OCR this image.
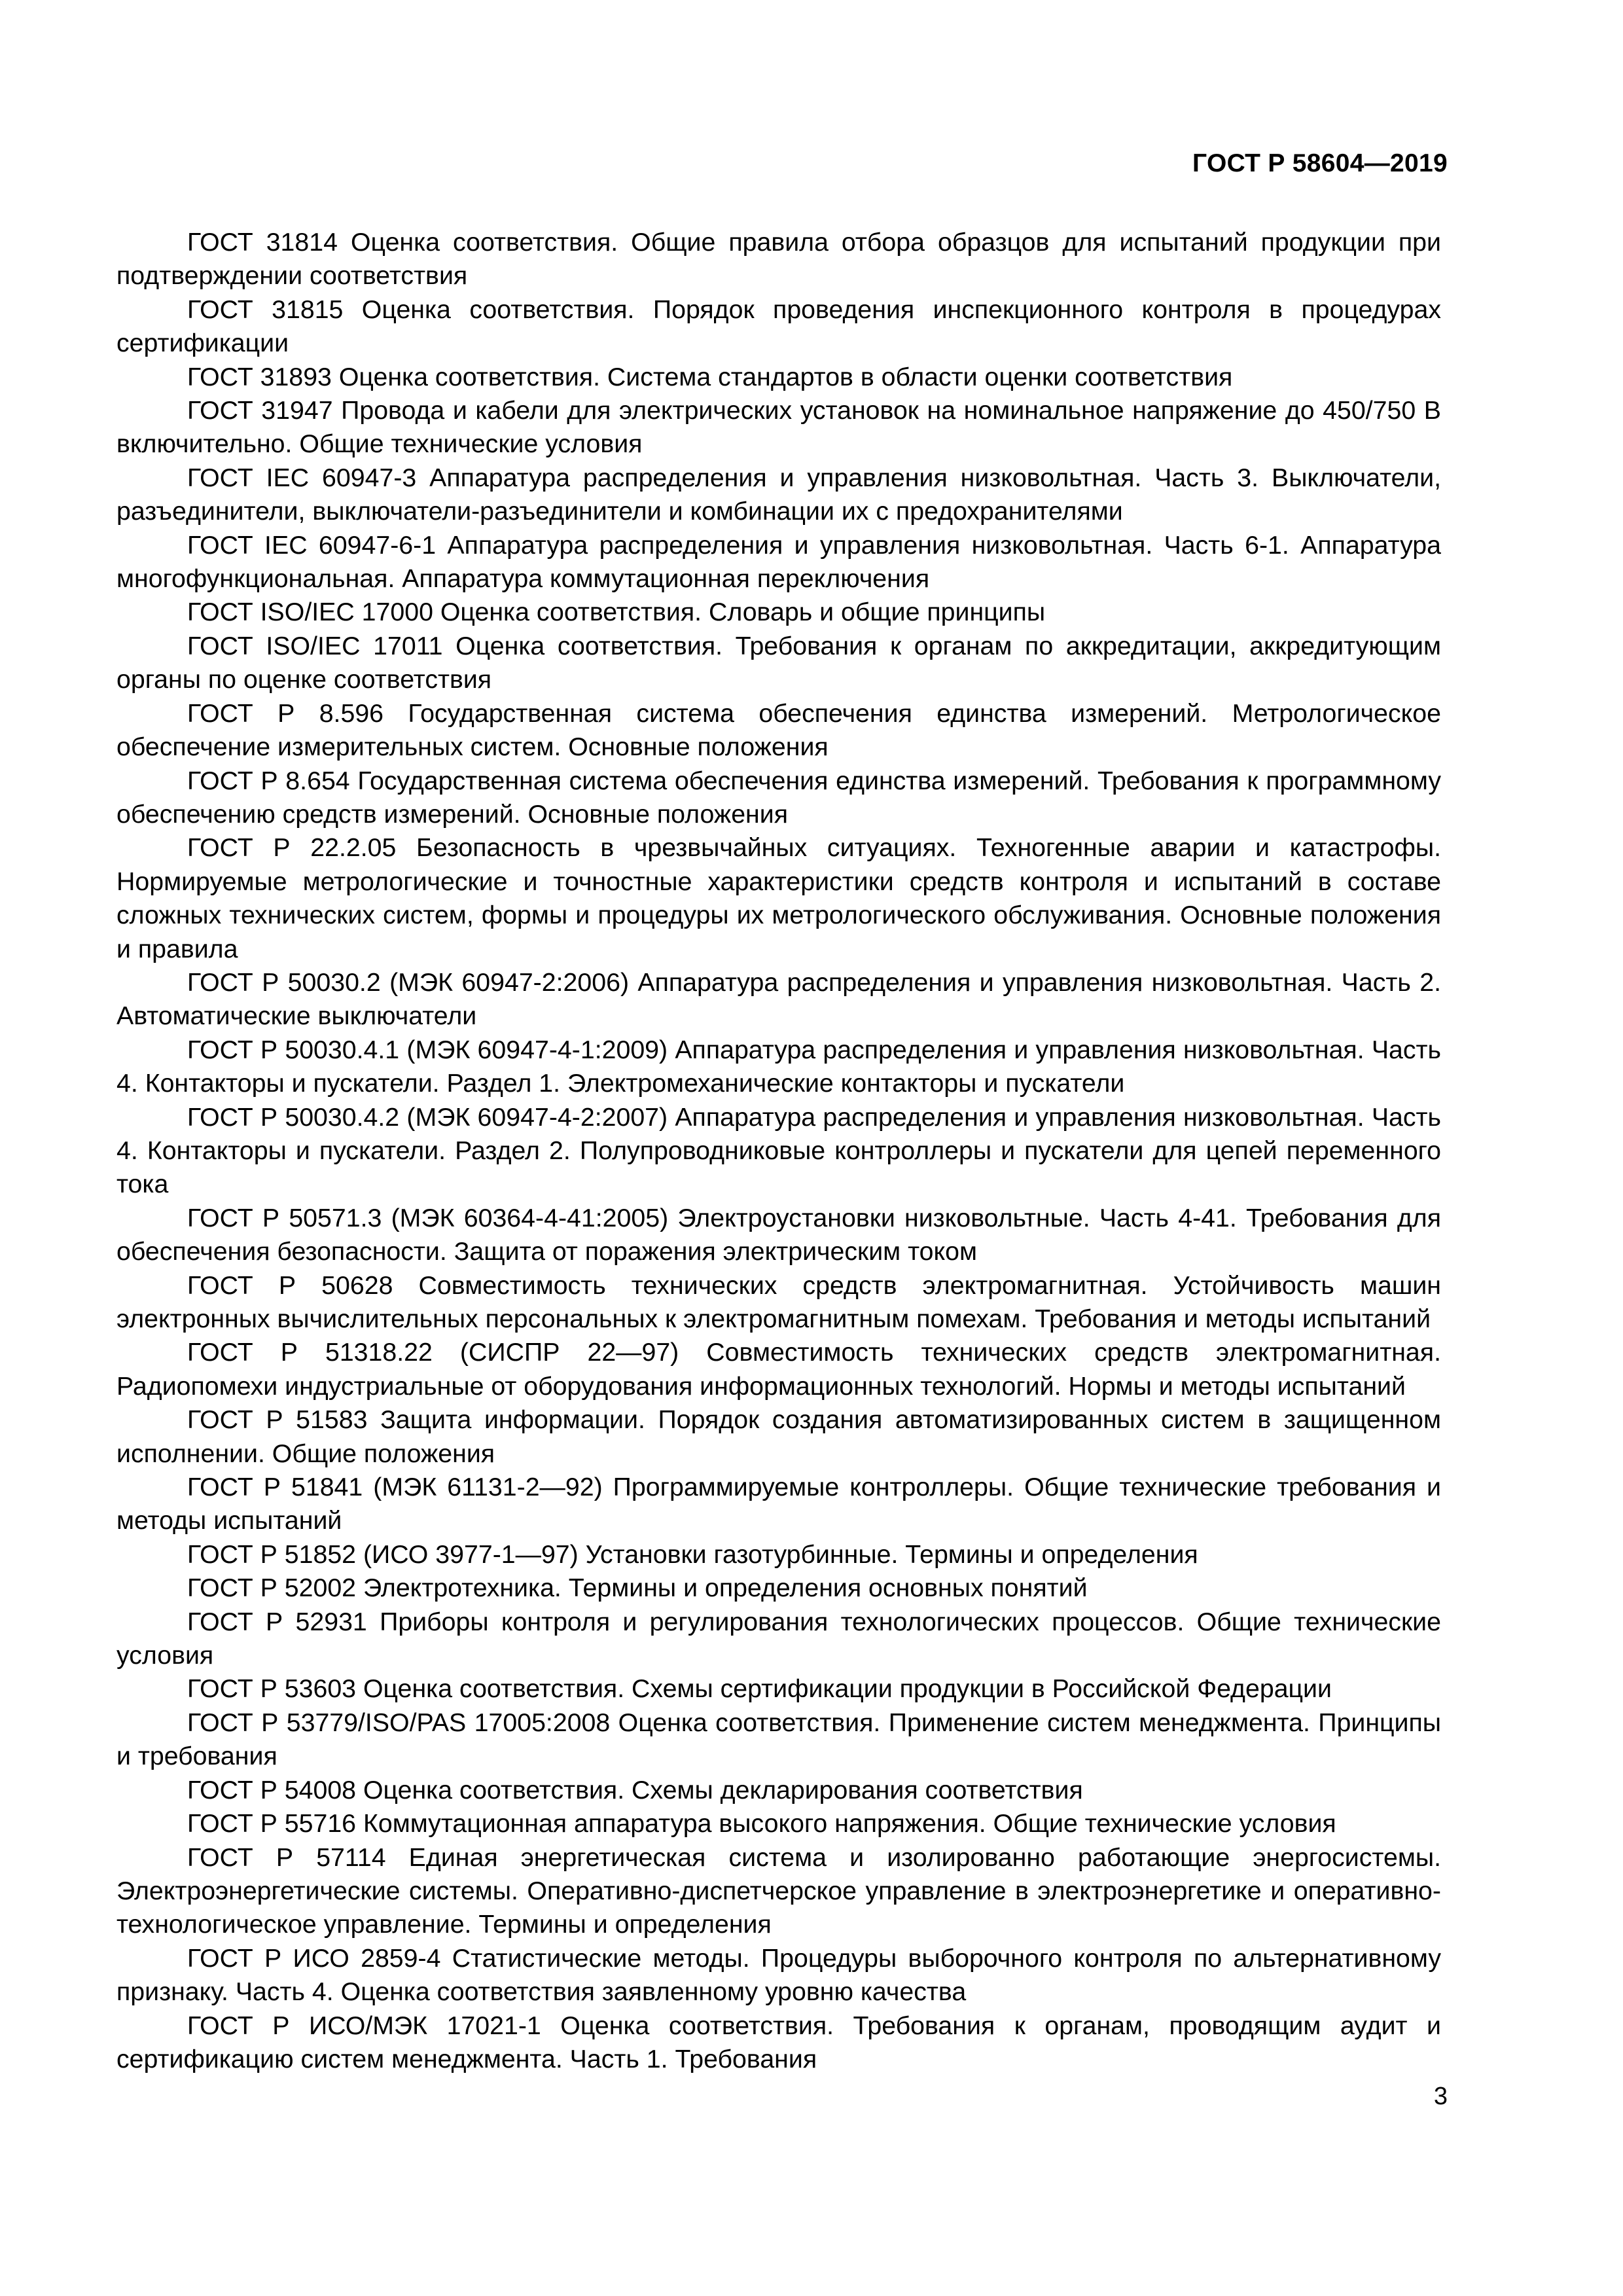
ГОСТ Р 58604—2019
ГОСТ 31814 Оценка соответствия. Общие правила отбора образцов для испытаний продукции при подтверждении соответствия
ГОСТ 31815 Оценка соответствия. Порядок проведения инспекционного контроля в процедурах сертификации
ГОСТ 31893 Оценка соответствия. Система стандартов в области оценки соответствия
ГОСТ 31947 Провода и кабели для электрических установок на номинальное напряжение до 450/750 В включительно. Общие технические условия
ГОСТ IEC 60947-3 Аппаратура распределения и управления низковольтная. Часть 3. Выключатели, разъединители, выключатели-разъединители и комбинации их с предохранителями
ГОСТ IEC 60947-6-1 Аппаратура распределения и управления низковольтная. Часть 6-1. Аппаратура многофункциональная. Аппаратура коммутационная переключения
ГОСТ ISO/IEC 17000 Оценка соответствия. Словарь и общие принципы
ГОСТ ISO/IEC 17011 Оценка соответствия. Требования к органам по аккредитации, аккредитующим органы по оценке соответствия
ГОСТ Р 8.596 Государственная система обеспечения единства измерений. Метрологическое обеспечение измерительных систем. Основные положения
ГОСТ Р 8.654 Государственная система обеспечения единства измерений. Требования к программному обеспечению средств измерений. Основные положения
ГОСТ Р 22.2.05 Безопасность в чрезвычайных ситуациях. Техногенные аварии и катастрофы. Нормируемые метрологические и точностные характеристики средств контроля и испытаний в составе сложных технических систем, формы и процедуры их метрологического обслуживания. Основные положения и правила
ГОСТ Р 50030.2 (МЭК 60947-2:2006) Аппаратура распределения и управления низковольтная. Часть 2. Автоматические выключатели
ГОСТ Р 50030.4.1 (МЭК 60947-4-1:2009) Аппаратура распределения и управления низковольтная. Часть 4. Контакторы и пускатели. Раздел 1. Электромеханические контакторы и пускатели
ГОСТ Р 50030.4.2 (МЭК 60947-4-2:2007) Аппаратура распределения и управления низковольтная. Часть 4. Контакторы и пускатели. Раздел 2. Полупроводниковые контроллеры и пускатели для цепей переменного тока
ГОСТ Р 50571.3 (МЭК 60364-4-41:2005) Электроустановки низковольтные. Часть 4-41. Требования для обеспечения безопасности. Защита от поражения электрическим током
ГОСТ Р 50628 Совместимость технических средств электромагнитная. Устойчивость машин электронных вычислительных персональных к электромагнитным помехам. Требования и методы испытаний
ГОСТ Р 51318.22 (СИСПР 22—97) Совместимость технических средств электромагнитная. Радиопомехи индустриальные от оборудования информационных технологий. Нормы и методы испытаний
ГОСТ Р 51583 Защита информации. Порядок создания автоматизированных систем в защищенном исполнении. Общие положения
ГОСТ Р 51841 (МЭК 61131-2—92) Программируемые контроллеры. Общие технические требования и методы испытаний
ГОСТ Р 51852 (ИСО 3977-1—97) Установки газотурбинные. Термины и определения
ГОСТ Р 52002 Электротехника. Термины и определения основных понятий
ГОСТ Р 52931 Приборы контроля и регулирования технологических процессов. Общие технические условия
ГОСТ Р 53603 Оценка соответствия. Схемы сертификации продукции в Российской Федерации
ГОСТ Р 53779/ISO/PAS 17005:2008 Оценка соответствия. Применение систем менеджмента. Принципы и требования
ГОСТ Р 54008 Оценка соответствия. Схемы декларирования соответствия
ГОСТ Р 55716 Коммутационная аппаратура высокого напряжения. Общие технические условия
ГОСТ Р 57114 Единая энергетическая система и изолированно работающие энергосистемы. Электроэнергетические системы. Оперативно-диспетчерское управление в электроэнергетике и оперативно-технологическое управление. Термины и определения
ГОСТ Р ИСО 2859-4 Статистические методы. Процедуры выборочного контроля по альтернативному признаку. Часть 4. Оценка соответствия заявленному уровню качества
ГОСТ Р ИСО/МЭК 17021-1 Оценка соответствия. Требования к органам, проводящим аудит и сертификацию систем менеджмента. Часть 1. Требования
3
